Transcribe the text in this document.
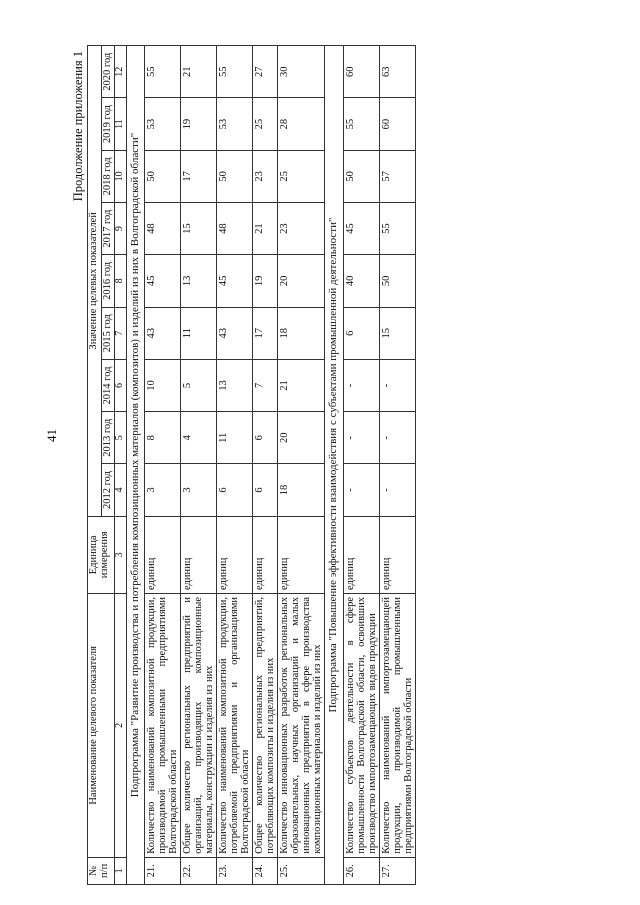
41
Продолжение приложения 1
№ п/п	Наименование целевого показателя	Единица измерения	Значение целевых показателей								
			2012 год	2013 год	2014 год	2015 год	2016 год	2017 год	2018 год	2019 год	2020 год
1	2	3	4	5	6	7	8	9	10	11	12
Подпрограмма "Развитие производства и потребления композиционных материалов (композитов) и изделий из них в Волгоградской области"											
21.	Количество наименований композитной продукции, производимой промышленными предприятиями Волгоградской области	единиц	3	8	10	43	45	48	50	53	55
22.	Общее количество региональных предприятий и организаций, производящих композиционные материалы, конструкции и изделия из них	единиц	3	4	5	11	13	15	17	19	21
23.	Количество наименований композитной продукции, потребляемой предприятиями и организациями Волгоградской области	единиц	6	11	13	43	45	48	50	53	55
24.	Общее количество региональных предприятий, потребляющих композиты и изделия из них	единиц	6	6	7	17	19	21	23	25	27
25.	Количество инновационных разработок региональных образовательных, научных организаций и малых инновационных предприятий в сфере производства композиционных материалов и изделий из них	единиц	18	20	21	18	20	23	25	28	30
Подпрограмма "Повышение эффективности взаимодействия с субъектами промышленной деятельности"											
26.	Количество субъектов деятельности в сфере промышленности Волгоградской области, освоивших производство импортозамещающих видов продукции	единиц	-	-	-	6	40	45	50	55	60
27.	Количество наименований импортозамещающей продукции, производимой промышленными предприятиями Волгоградской области	единиц	-	-	-	15	50	55	57	60	63
